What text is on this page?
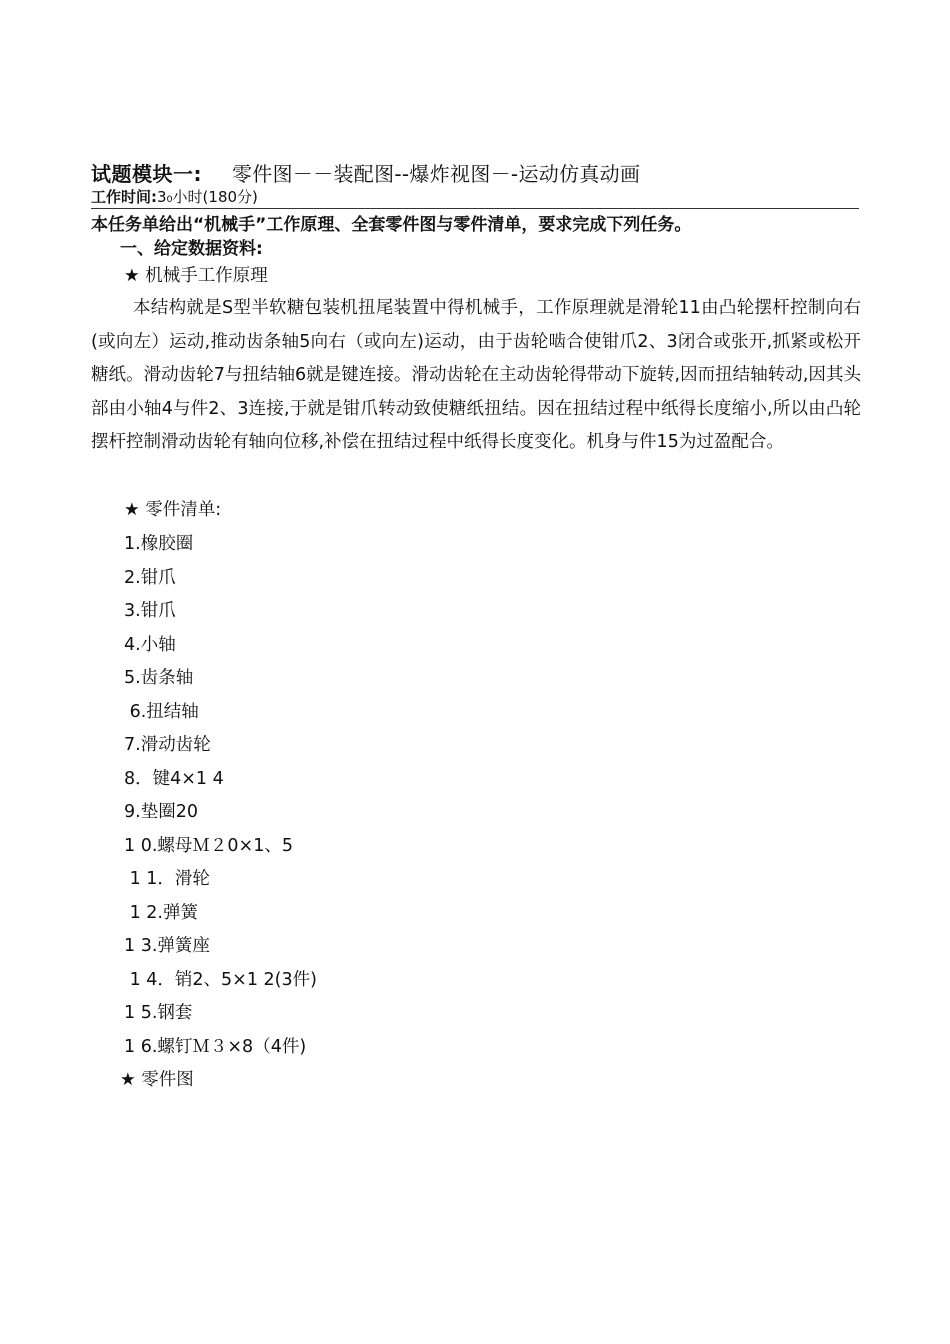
试题模块一: 零件图－－装配图--爆炸视图－-运动仿真动画
工作时间:3₀小时(180分)
本任务单给出“机械手”工作原理、全套零件图与零件清单，要求完成下列任务。
一、给定数据资料:
★ 机械手工作原理
本结构就是S型半软糖包装机扭尾装置中得机械手，工作原理就是滑轮11由凸轮摆杆控制向右(或向左）运动,推动齿条轴5向右（或向左)运动，由于齿轮啮合使钳爪2、3闭合或张开,抓紧或松开糖纸。滑动齿轮7与扭结轴6就是键连接。滑动齿轮在主动齿轮得带动下旋转,因而扭结轴转动,因其头部由小轴4与件2、3连接,于就是钳爪转动致使糖纸扭结。因在扭结过程中纸得长度缩小,所以由凸轮摆杆控制滑动齿轮有轴向位移,补偿在扭结过程中纸得长度变化。机身与件15为过盈配合。
★ 零件清单:
1.橡胶圈
2.钳爪
3.钳爪
4.小轴
5.齿条轴
6.扭结轴
7.滑动齿轮
8．键4×1 4
9.垫圈20
1 0.螺母Ｍ２0×1、5
1 1．滑轮
1 2.弹簧
1 3.弹簧座
1 4．销2、5×1 2(3件)
1 5.钢套
1 6.螺钉Ｍ３×8（4件)
★ 零件图
